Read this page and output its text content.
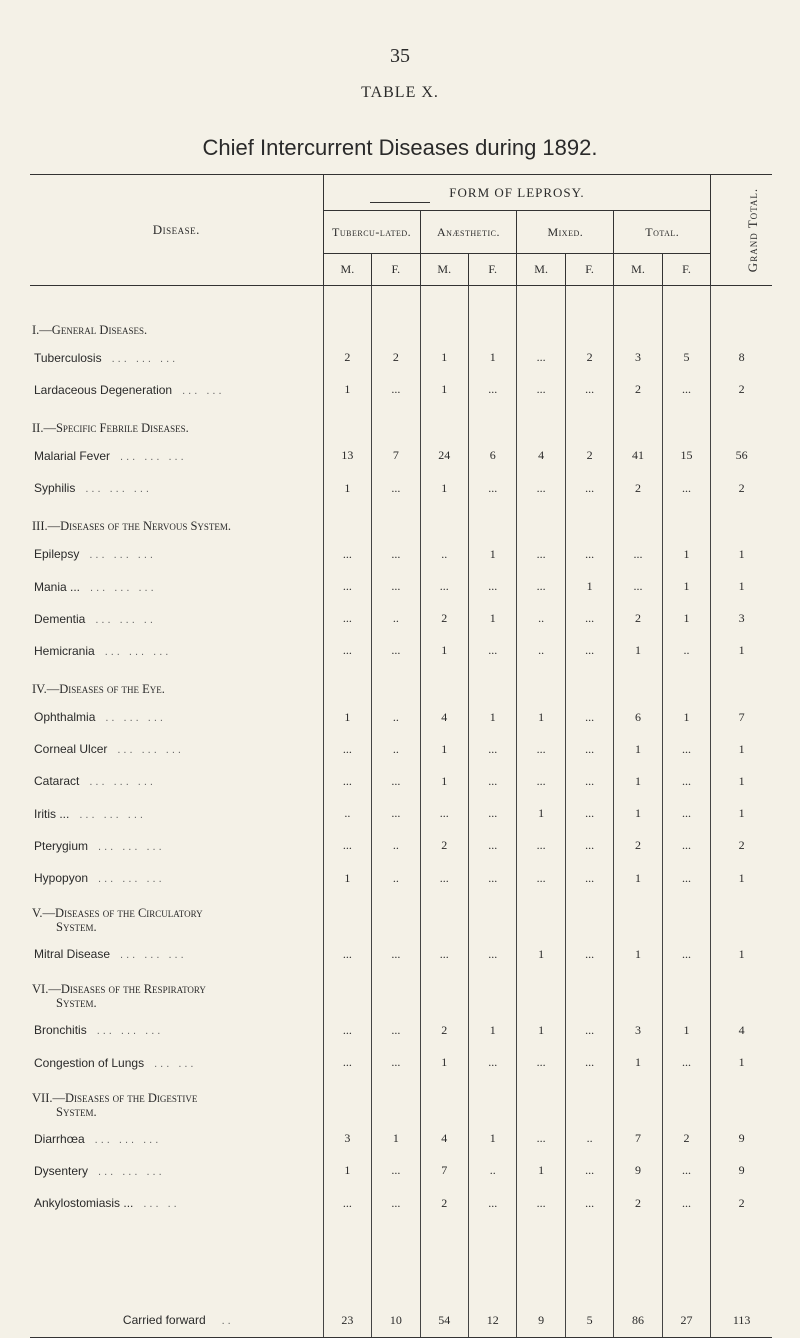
35
TABLE X.
Chief Intercurrent Diseases during 1892.
Disease.	FORM OF LEPROSY.								Grand Total.
	Tubercu-lated.		Anæsthetic.		Mixed.		Total.		
	M.	F.	M.	F.	M.	F.	M.	F.	

I.—General Diseases.									

Tuberculosis ... ... ...	2	2	1	1	...	2	3	5	8
Lardaceous Degeneration ... ...	1	...	1	...	...	...	2	...	2

II.—Specific Febrile Diseases.									

Malarial Fever ... ... ...	13	7	24	6	4	2	41	15	56
Syphilis ... ... ...	1	...	1	...	...	...	2	...	2

III.—Diseases of the Nervous System.									

Epilepsy ... ... ...	...	...	..	1	...	...	...	1	1
Mania ... ... ... ...	...	...	...	...	...	1	...	1	1
Dementia ... ... ..	...	..	2	1	..	...	2	1	3
Hemicrania ... ... ...	...	...	1	...	..	...	1	..	1

IV.—Diseases of the Eye.									

Ophthalmia .. ... ...	1	..	4	1	1	...	6	1	7
Corneal Ulcer ... ... ...	...	..	1	...	...	...	1	...	1
Cataract ... ... ...	...	...	1	...	...	...	1	...	1
Iritis ... ... ... ...	..	...	...	...	1	...	1	...	1
Pterygium ... ... ...	...	..	2	...	...	...	2	...	2
Hypopyon ... ... ...	1	..	...	...	...	...	1	...	1

V.—Diseases of the Circulatory
System.									

Mitral Disease ... ... ...	...	...	...	...	1	...	1	...	1

VI.—Diseases of the Respiratory
System.									

Bronchitis ... ... ...	...	...	2	1	1	...	3	1	4
Congestion of Lungs ... ...	...	...	1	...	...	...	1	...	1

VII.—Diseases of the Digestive
System.									

Diarrhœa ... ... ...	3	1	4	1	...	..	7	2	9
Dysentery ... ... ...	1	...	7	..	1	...	9	...	9
Ankylostomiasis ... ... ..	...	...	2	...	...	...	2	...	2

Carried forward ..	23	10	54	12	9	5	86	27	113
